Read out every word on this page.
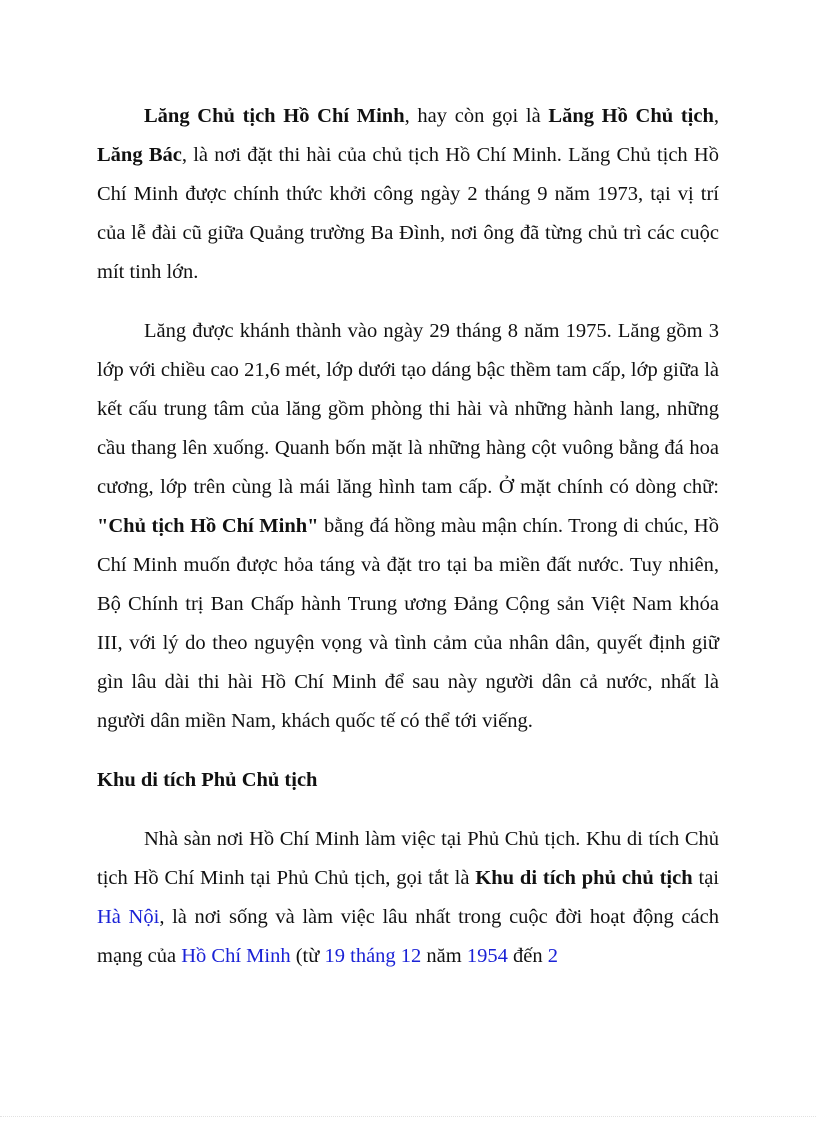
Lăng Chủ tịch Hồ Chí Minh, hay còn gọi là Lăng Hồ Chủ tịch, Lăng Bác, là nơi đặt thi hài của chủ tịch Hồ Chí Minh. Lăng Chủ tịch Hồ Chí Minh được chính thức khởi công ngày 2 tháng 9 năm 1973, tại vị trí của lễ đài cũ giữa Quảng trường Ba Đình, nơi ông đã từng chủ trì các cuộc mít tinh lớn.

Lăng được khánh thành vào ngày 29 tháng 8 năm 1975. Lăng gồm 3 lớp với chiều cao 21,6 mét, lớp dưới tạo dáng bậc thềm tam cấp, lớp giữa là kết cấu trung tâm của lăng gồm phòng thi hài và những hành lang, những cầu thang lên xuống. Quanh bốn mặt là những hàng cột vuông bằng đá hoa cương, lớp trên cùng là mái lăng hình tam cấp. Ở mặt chính có dòng chữ: "Chủ tịch Hồ Chí Minh" bằng đá hồng màu mận chín. Trong di chúc, Hồ Chí Minh muốn được hỏa táng và đặt tro tại ba miền đất nước. Tuy nhiên, Bộ Chính trị Ban Chấp hành Trung ương Đảng Cộng sản Việt Nam khóa III, với lý do theo nguyện vọng và tình cảm của nhân dân, quyết định giữ gìn lâu dài thi hài Hồ Chí Minh để sau này người dân cả nước, nhất là người dân miền Nam, khách quốc tế có thể tới viếng.

Khu di tích Phủ Chủ tịch

Nhà sàn nơi Hồ Chí Minh làm việc tại Phủ Chủ tịch. Khu di tích Chủ tịch Hồ Chí Minh tại Phủ Chủ tịch, gọi tắt là Khu di tích phủ chủ tịch tại Hà Nội, là nơi sống và làm việc lâu nhất trong cuộc đời hoạt động cách mạng của Hồ Chí Minh (từ 19 tháng 12 năm 1954 đến 2
